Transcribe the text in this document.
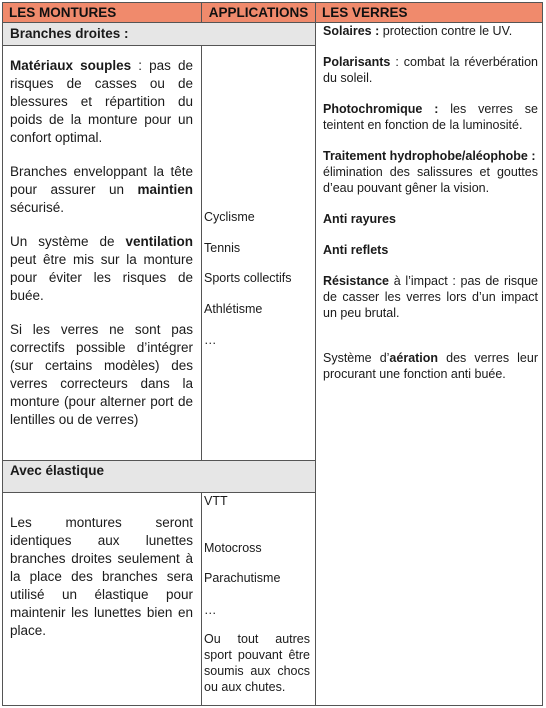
LES MONTURES	APPLICATIONS	LES VERRES
Branches droites :
Avec élastique

Matériaux souples : pas de risques de casses ou de blessures et répartition du poids de la monture pour un confort optimal.

Branches enveloppant la tête pour assurer un maintien sécurisé.

Un système de ventilation peut être mis sur la monture pour éviter les risques de buée.

Si les verres ne sont pas correctifs possible d’intégrer (sur certains modèles) des verres correcteurs dans la monture (pour alterner port de lentilles ou de verres)

Les montures seront identiques aux lunettes branches droites seulement à la place des branches sera utilisé un élastique pour maintenir les lunettes bien en place.

Cyclisme
Tennis
Sports collectifs
Athlétisme
…
VTT
Motocross
Parachutisme
…
Ou tout autres sport pouvant être soumis aux chocs ou aux chutes.

Solaires : protection contre le UV.

Polarisants : combat la réverbération du soleil.

Photochromique : les verres se teintent en fonction de la luminosité.

Traitement hydrophobe/aléophobe :
élimination des salissures et gouttes d’eau pouvant gêner la vision.

Anti rayures

Anti reflets

Résistance à l’impact : pas de risque de casser les verres lors d’un impact un peu brutal.

Système d’aération des verres leur procurant une fonction anti buée.
